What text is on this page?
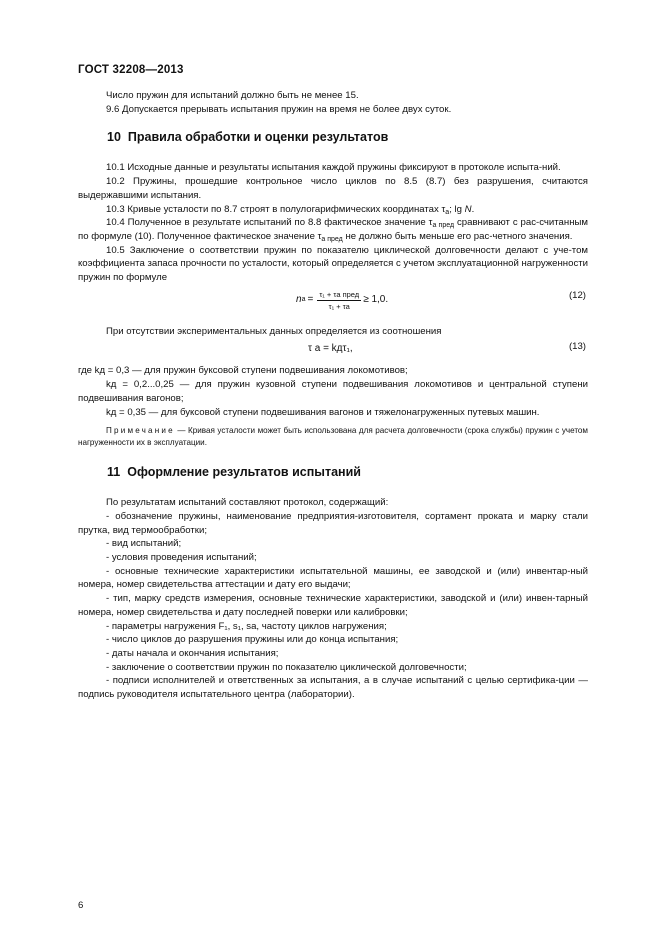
ГОСТ 32208—2013

Число пружин для испытаний должно быть не менее 15.

9.6 Допускается прерывать испытания пружин на время не более двух суток.

10 Правила обработки и оценки результатов

10.1 Исходные данные и результаты испытания каждой пружины фиксируют в протоколе испыта-ний.

10.2 Пружины, прошедшие контрольное число циклов по 8.5 (8.7) без разрушения, считаются выдержавшими испытания.

10.3 Кривые усталости по 8.7 строят в полулогарифмических координатах $\tau_а$; lg N.

10.4 Полученное в результате испытаний по 8.8 фактическое значение $\tau_{а пред}$ сравнивают с рас-считанным по формуле (10). Полученное фактическое значение $\tau_{а пред}$ не должно быть меньше его рас-четного значения.

10.5 Заключение о соответствии пружин по показателю циклической долговечности делают с уче-том коэффициента запаса прочности по усталости, который определяется с учетом эксплуатационной нагруженности пружин по формуле

n $а = \frac{\text{τ₁ + τа пред}}{\text{τ₁ + τа}} \ge 1,0$.	(12)

При отсутствии экспериментальных данных определяется из соотношения

τ а = kдτ₁,	(13)

где kд = 0,3 — для пружин буксовой ступени подвешивания локомотивов;

kд = 0,2...0,25 — для пружин кузовной ступени подвешивания локомотивов и центральной ступени подвешивания вагонов;

kд = 0,35 — для буксовой ступени подвешивания вагонов и тяжелонагруженных путевых машин.

Примечание — Кривая усталости может быть использована для расчета долговечности (срока службы) пружин с учетом нагруженности их в эксплуатации.

11 Оформление результатов испытаний

По результатам испытаний составляют протокол, содержащий:

- обозначение пружины, наименование предприятия-изготовителя, сортамент проката и марку стали прутка, вид термообработки;

- вид испытаний;

- условия проведения испытаний;

- основные технические характеристики испытательной машины, ее заводской и (или) инвентар-ный номера, номер свидетельства аттестации и дату его выдачи;

- тип, марку средств измерения, основные технические характеристики, заводской и (или) инвен-тарный номера, номер свидетельства и дату последней поверки или калибровки;

- параметры нагружения F₁, s₁, sа, частоту циклов нагружения;

- число циклов до разрушения пружины или до конца испытания;

- даты начала и окончания испытания;

- заключение о соответствии пружин по показателю циклической долговечности;

- подписи исполнителей и ответственных за испытания, а в случае испытаний с целью сертифика-ции — подпись руководителя испытательного центра (лаборатории).

6
